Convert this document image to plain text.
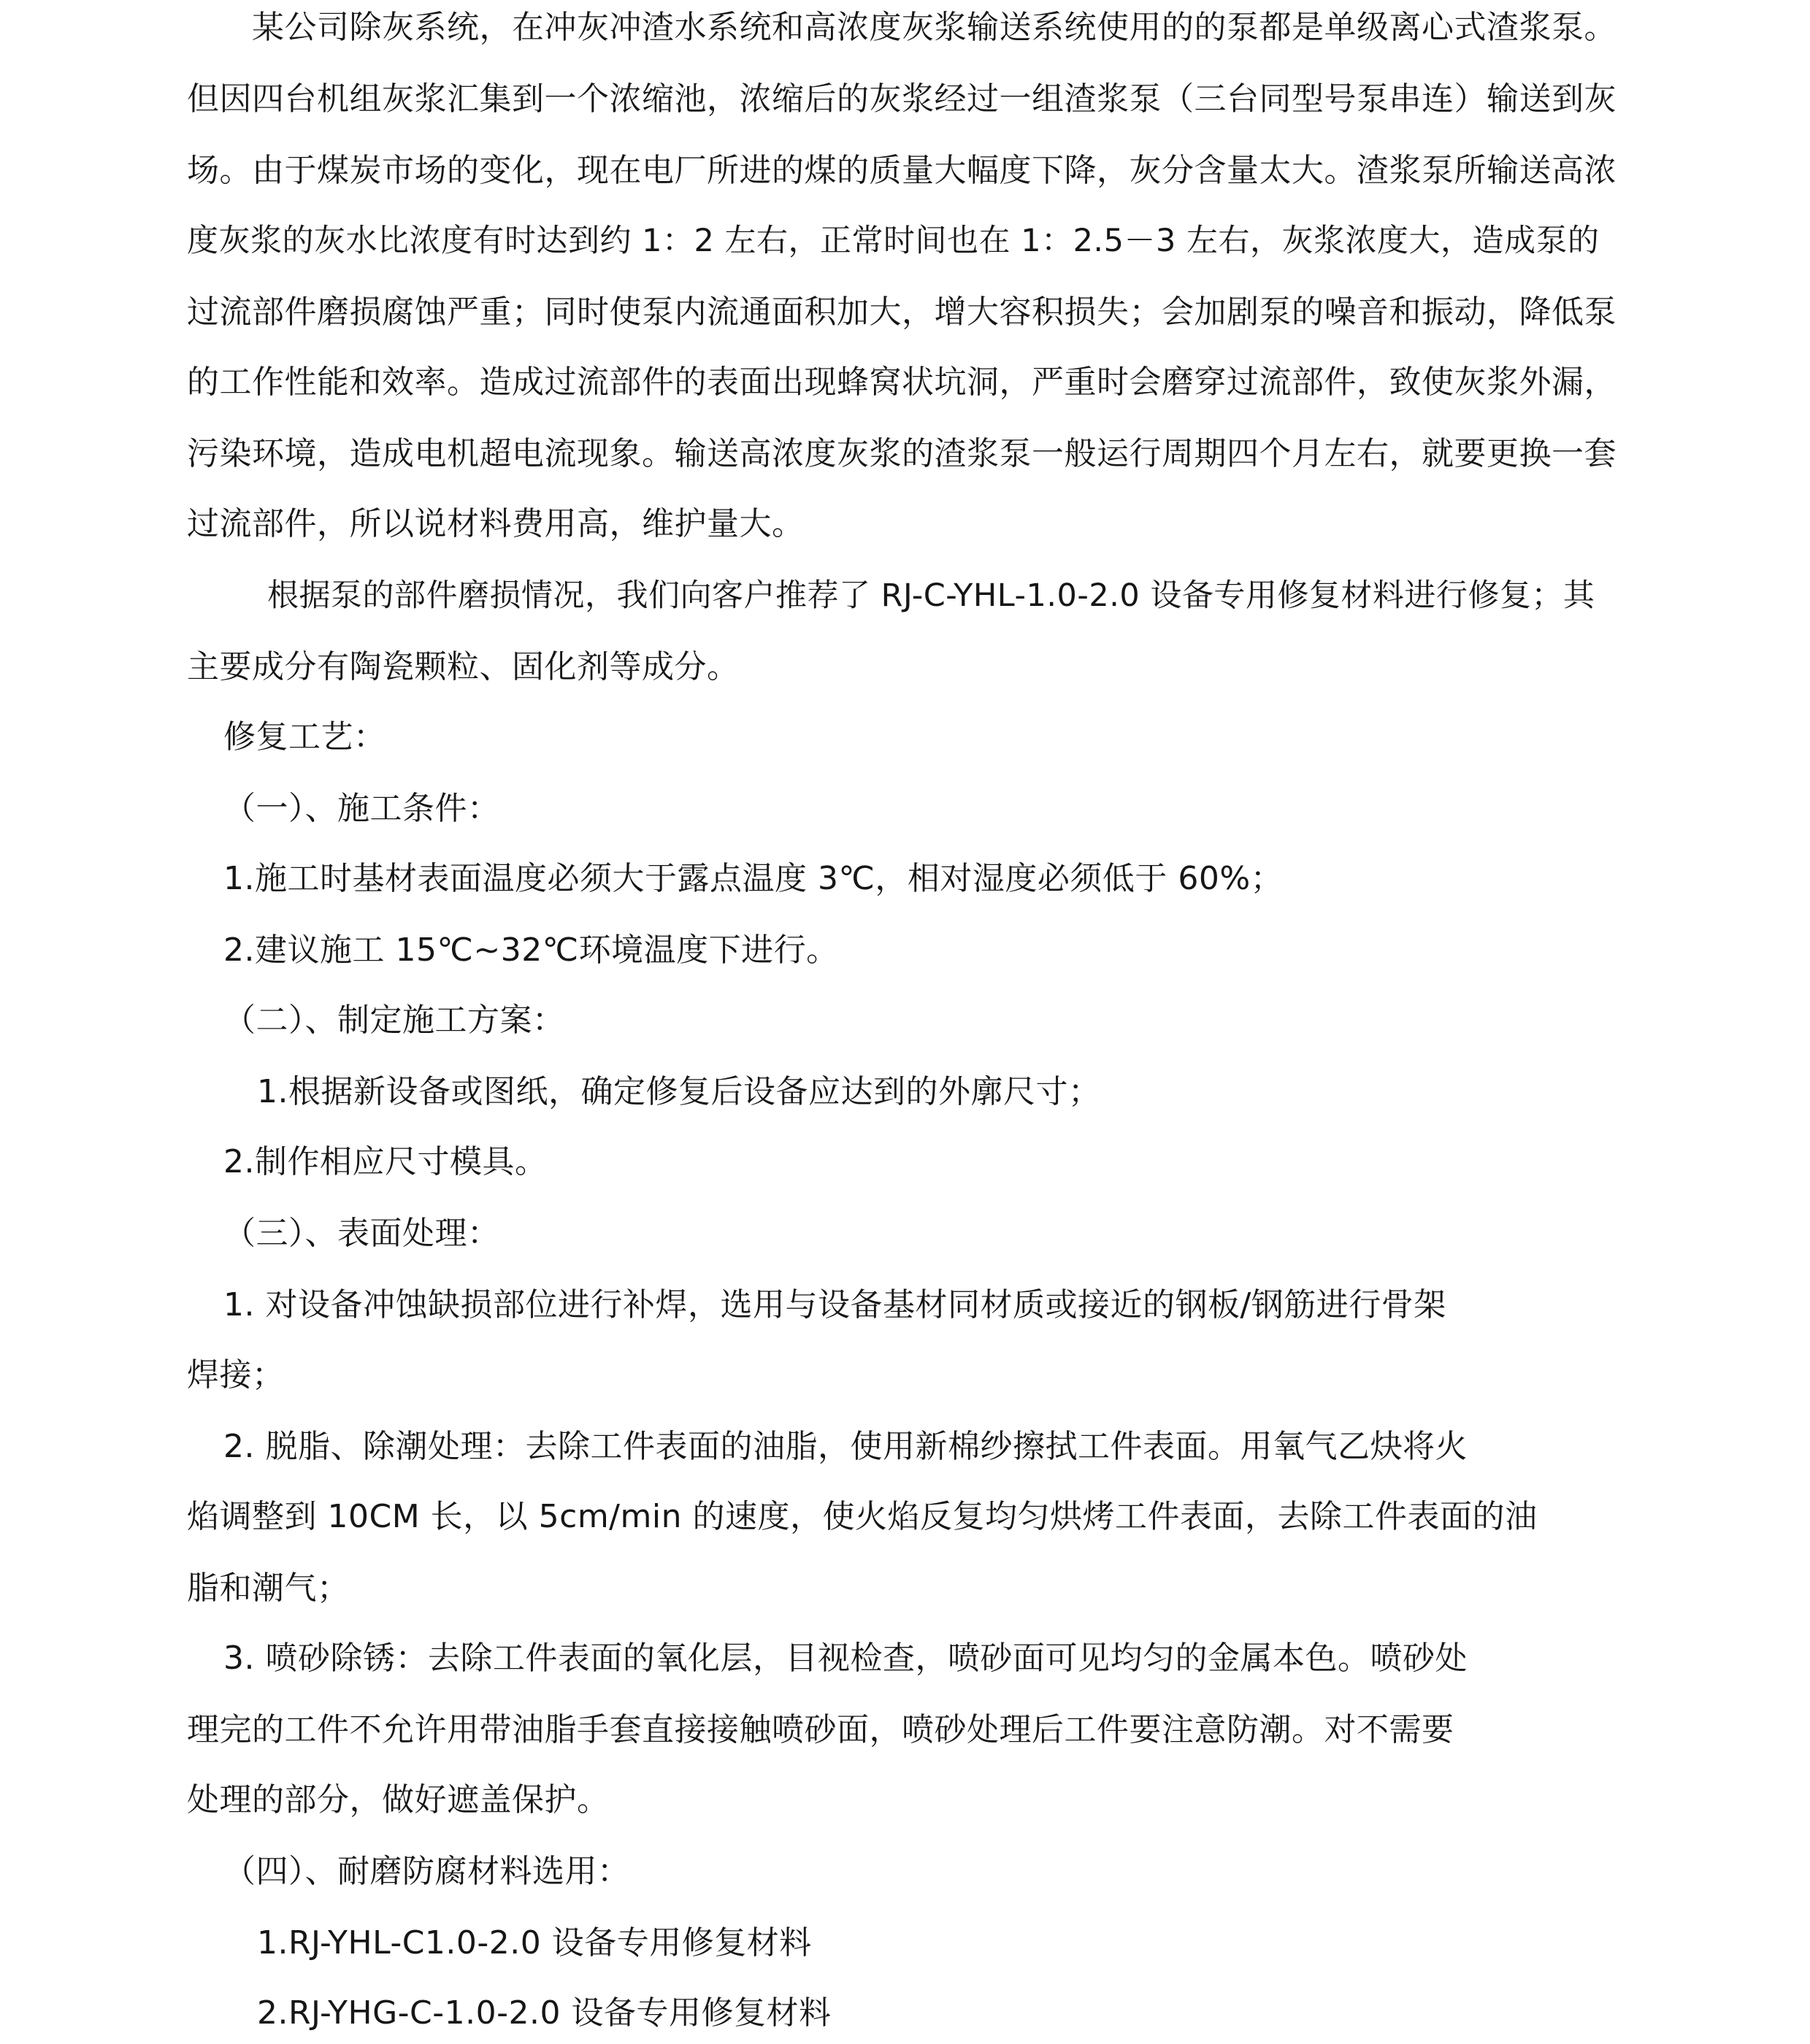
某公司除灰系统，在冲灰冲渣水系统和高浓度灰浆输送系统使用的的泵都是单级离心式渣浆泵。

但因四台机组灰浆汇集到一个浓缩池，浓缩后的灰浆经过一组渣浆泵（三台同型号泵串连）输送到灰

场。由于煤炭市场的变化，现在电厂所进的煤的质量大幅度下降，灰分含量太大。渣浆泵所输送高浓

度灰浆的灰水比浓度有时达到约 1：2 左右，正常时间也在 1：2.5－3 左右，灰浆浓度大，造成泵的

过流部件磨损腐蚀严重；同时使泵内流通面积加大，增大容积损失；会加剧泵的噪音和振动，降低泵

的工作性能和效率。造成过流部件的表面出现蜂窝状坑洞，严重时会磨穿过流部件，致使灰浆外漏，

污染环境，造成电机超电流现象。输送高浓度灰浆的渣浆泵一般运行周期四个月左右，就要更换一套

过流部件，所以说材料费用高，维护量大。

根据泵的部件磨损情况，我们向客户推荐了 RJ-C-YHL-1.0-2.0 设备专用修复材料进行修复；其

主要成分有陶瓷颗粒、固化剂等成分。

修复工艺：

（一）、施工条件：

1.施工时基材表面温度必须大于露点温度 3℃，相对湿度必须低于 60%；

2.建议施工 15℃~32℃环境温度下进行。

（二）、制定施工方案：

1.根据新设备或图纸，确定修复后设备应达到的外廓尺寸；

2.制作相应尺寸模具。

（三）、表面处理：

1. 对设备冲蚀缺损部位进行补焊，选用与设备基材同材质或接近的钢板/钢筋进行骨架

焊接；

2. 脱脂、除潮处理：去除工件表面的油脂，使用新棉纱擦拭工件表面。用氧气乙炔将火

焰调整到 10CM 长，以 5cm/min 的速度，使火焰反复均匀烘烤工件表面，去除工件表面的油

脂和潮气；

3. 喷砂除锈：去除工件表面的氧化层，目视检查，喷砂面可见均匀的金属本色。喷砂处

理完的工件不允许用带油脂手套直接接触喷砂面，喷砂处理后工件要注意防潮。对不需要

处理的部分，做好遮盖保护。

（四）、耐磨防腐材料选用：

1.RJ-YHL-C1.0-2.0 设备专用修复材料

2.RJ-YHG-C-1.0-2.0 设备专用修复材料
